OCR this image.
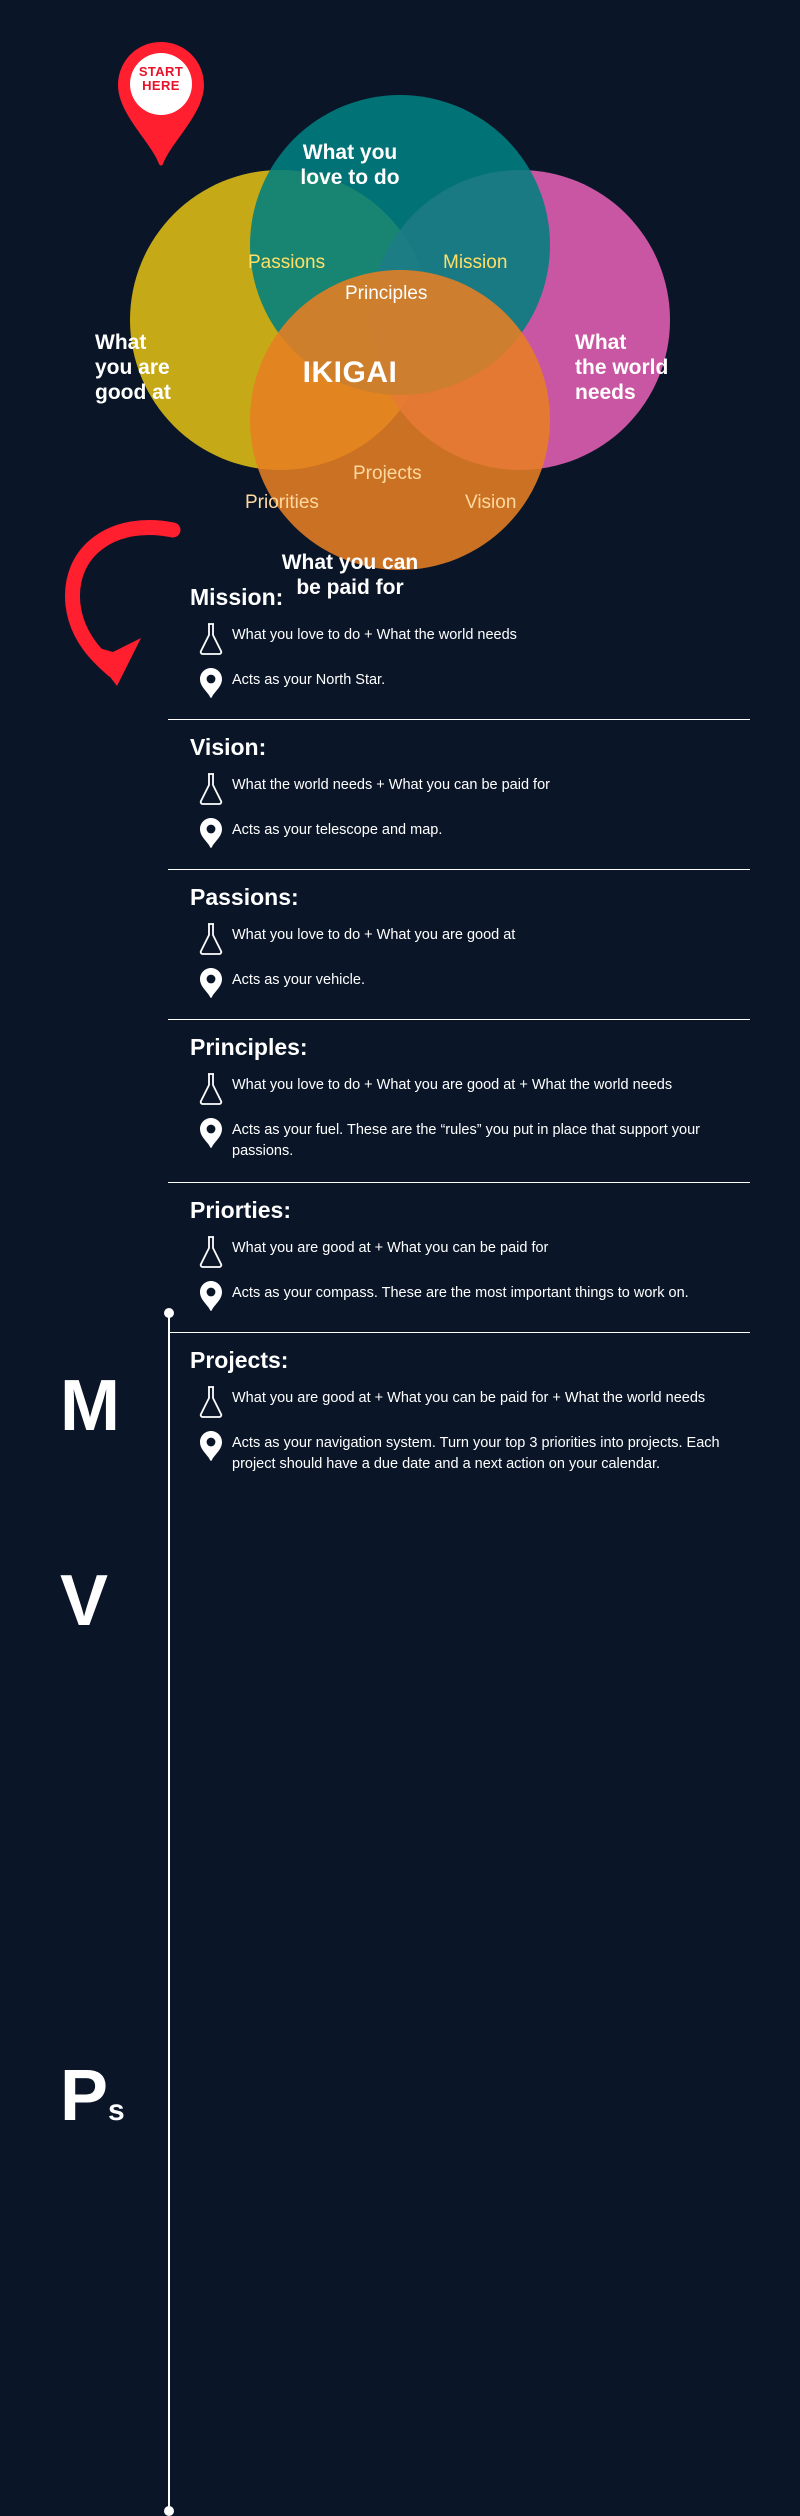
What you
love to do
What
you are
good at
What
the world
needs
What you can
be paid for
IKIGAI
Passions	Mission
Principles
Projects
Priorities	Vision
START
HERE
M
V
Ps
Mission:
What you love to do + What the world needs
Acts as your North Star.
Vision:
What the world needs + What you can be paid for
Acts as your telescope and map.
Passions:
What you love to do + What you are good at
Acts as your vehicle.
Principles:
What you love to do + What you are good at + What the world needs
Acts as your fuel. These are the “rules” you put in place that support your passions.
Priorties:
What you are good at + What you can be paid for
Acts as your compass. These are the most important things to work on.
Projects:
What you are good at + What you can be paid for + What the world needs
Acts as your navigation system. Turn your top 3 priorities into projects. Each project should have a due date and a next action on your calendar.
